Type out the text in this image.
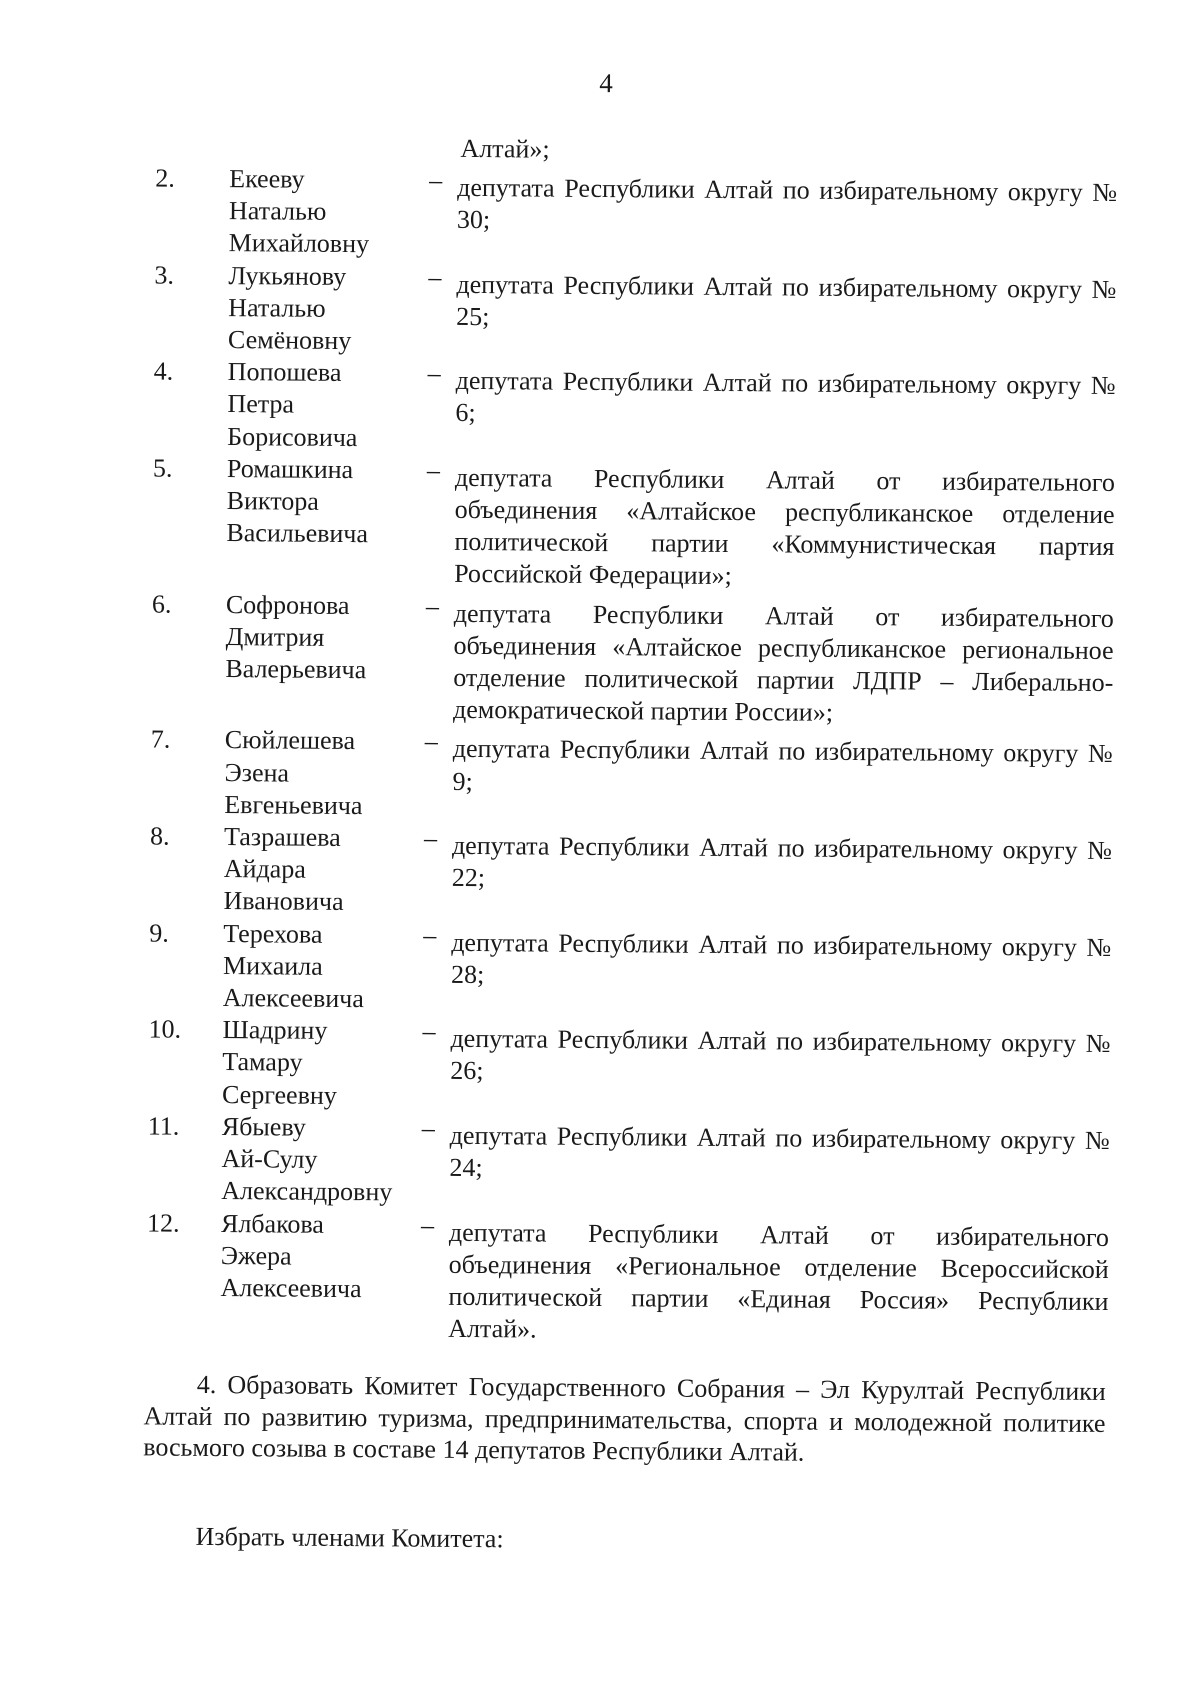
4
Алтай»;
2.	Екееву
Наталью
Михайловну
– депутата Республики Алтай по избирательному округу № 30;
3.	Лукьянову
Наталью
Семёновну
– депутата Республики Алтай по избирательному округу № 25;
4.	Попошева
Петра
Борисовича
– депутата Республики Алтай по избирательному округу № 6;
5.	Ромашкина
Виктора
Васильевича
– депутата Республики Алтай от избирательного объединения «Алтайское республиканское отделение политической партии «Коммунистическая партия Российской Федерации»;
6.	Софронова
Дмитрия
Валерьевича
– депутата Республики Алтай от избирательного объединения «Алтайское республиканское региональное отделение политической партии ЛДПР – Либерально-демократической партии России»;
7.	Сюйлешева
Эзена
Евгеньевича
– депутата Республики Алтай по избирательному округу № 9;
8.	Тазрашева
Айдара
Ивановича
– депутата Республики Алтай по избирательному округу № 22;
9.	Терехова
Михаила
Алексеевича
– депутата Республики Алтай по избирательному округу № 28;
10.	Шадрину
Тамару
Сергеевну
– депутата Республики Алтай по избирательному округу № 26;
11.	Ябыеву
Ай-Сулу
Александровну
– депутата Республики Алтай по избирательному округу № 24;
12.	Ялбакова
Эжера
Алексеевича
– депутата Республики Алтай от избирательного объединения «Региональное отделение Всероссийской политической партии «Единая Россия» Республики Алтай».

4. Образовать Комитет Государственного Собрания – Эл Курултай Республики Алтай по развитию туризма, предпринимательства, спорта и молодежной политике восьмого созыва в составе 14 депутатов Республики Алтай.

Избрать членами Комитета:
